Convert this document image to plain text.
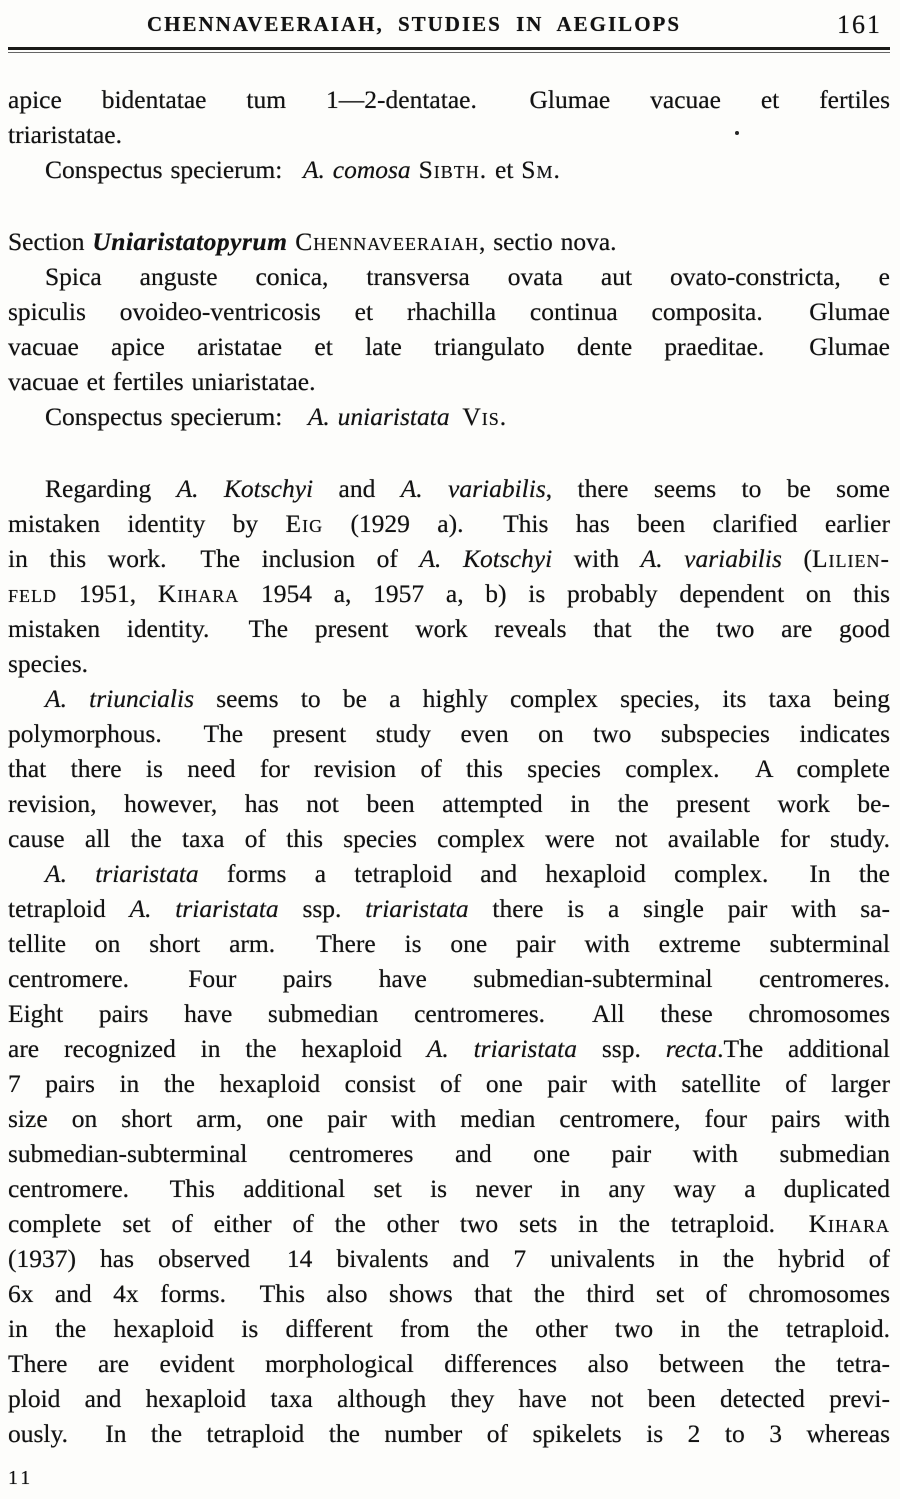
CHENNAVEERAIAH, STUDIES IN AEGILOPS	161
apice bidentatae tum 1—2-dentatae.  Glumae vacuae et fertiles
triaristatae.
Conspectus specierum:  A. comosa Sibth. et Sm.
Section Uniaristatopyrum Chennaveeraiah, sectio nova.
Spica anguste conica, transversa ovata aut ovato-constricta, e
spiculis ovoideo-ventricosis et rhachilla continua composita.  Glumae
vacuae apice aristatae et late triangulato dente praeditae.  Glumae
vacuae et fertiles uniaristatae.
Conspectus specierum:  A. uniaristata  Vis.
Regarding A. Kotschyi and A. variabilis, there seems to be some
mistaken identity by Eig (1929 a).  This has been clarified earlier
in this work.  The inclusion of A. Kotschyi with A. variabilis (Lilien-
feld 1951, Kihara 1954 a, 1957 a, b) is probably dependent on this
mistaken identity.  The present work reveals that the two are good
species.
A. triuncialis seems to be a highly complex species, its taxa being
polymorphous.  The present study even on two subspecies indicates
that there is need for revision of this species complex.  A complete
revision, however, has not been attempted in the present work be-
cause all the taxa of this species complex were not available for study.
A. triaristata forms a tetraploid and hexaploid complex.  In the
tetraploid A. triaristata ssp. triaristata there is a single pair with sa-
tellite on short arm.  There is one pair with extreme subterminal
centromere.  Four pairs have submedian-subterminal centromeres.
Eight pairs have submedian centromeres.  All these chromosomes
are recognized in the hexaploid A. triaristata ssp. recta.The additional
7 pairs in the hexaploid consist of one pair with satellite of larger
size on short arm, one pair with median centromere, four pairs with
submedian-subterminal centromeres and one pair with submedian
centromere.  This additional set is never in any way a duplicated
complete set of either of the other two sets in the tetraploid.  Kihara
(1937) has observed  14 bivalents and 7 univalents in the hybrid of
6x and 4x forms.  This also shows that the third set of chromosomes
in the hexaploid is different from the other two in the tetraploid.
There are evident morphological differences also between the tetra-
ploid and hexaploid taxa although they have not been detected previ-
ously.  In the tetraploid the number of spikelets is 2 to 3 whereas
11
